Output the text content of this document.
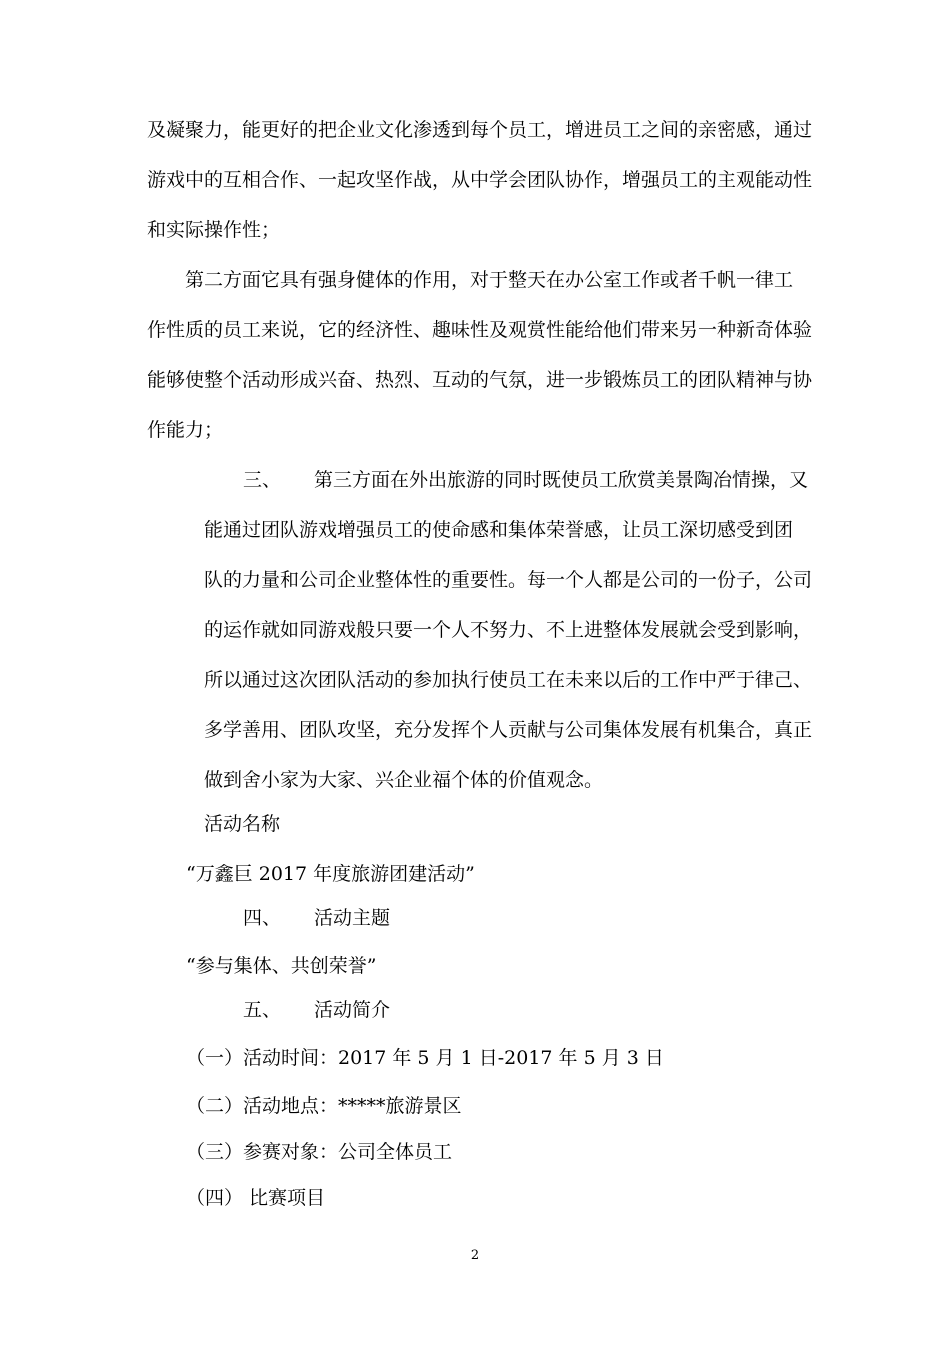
及凝聚力，能更好的把企业文化渗透到每个员工，增进员工之间的亲密感，通过
游戏中的互相合作、一起攻坚作战，从中学会团队协作，增强员工的主观能动性
和实际操作性；
第二方面它具有强身健体的作用，对于整天在办公室工作或者千帆一律工
作性质的员工来说，它的经济性、趣味性及观赏性能给他们带来另一种新奇体验
能够使整个活动形成兴奋、热烈、互动的气氛，进一步锻炼员工的团队精神与协
作能力；
三、 第三方面在外出旅游的同时既使员工欣赏美景陶冶情操，又
能通过团队游戏增强员工的使命感和集体荣誉感，让员工深切感受到团
队的力量和公司企业整体性的重要性。每一个人都是公司的一份子，公司
的运作就如同游戏般只要一个人不努力、不上进整体发展就会受到影响，
所以通过这次团队活动的参加执行使员工在未来以后的工作中严于律己、
多学善用、团队攻坚，充分发挥个人贡献与公司集体发展有机集合，真正
做到舍小家为大家、兴企业福个体的价值观念。
活动名称
“万鑫巨 2017 年度旅游团建活动”
四、 活动主题
“参与集体、共创荣誉”
五、 活动简介
（一）活动时间：2017 年 5 月 1 日-2017 年 5 月 3 日
（二）活动地点：*****旅游景区
（三）参赛对象：公司全体员工
（四） 比赛项目
2
